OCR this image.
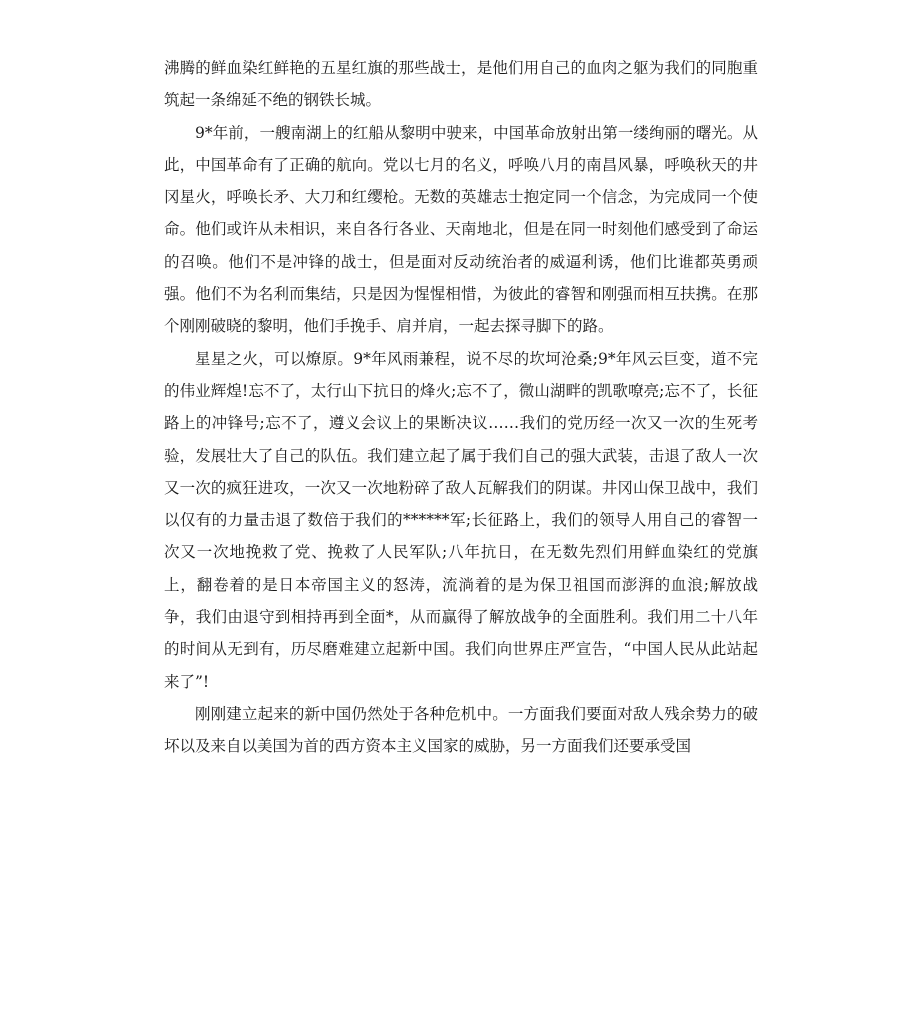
沸腾的鲜血染红鲜艳的五星红旗的那些战士，是他们用自己的血肉之躯为我们的同胞重筑起一条绵延不绝的钢铁长城。

9*年前，一艘南湖上的红船从黎明中驶来，中国革命放射出第一缕绚丽的曙光。从此，中国革命有了正确的航向。党以七月的名义，呼唤八月的南昌风暴，呼唤秋天的井冈星火，呼唤长矛、大刀和红缨枪。无数的英雄志士抱定同一个信念，为完成同一个使命。他们或许从未相识，来自各行各业、天南地北，但是在同一时刻他们感受到了命运的召唤。他们不是冲锋的战士，但是面对反动统治者的威逼利诱，他们比谁都英勇顽强。他们不为名利而集结，只是因为惺惺相惜，为彼此的睿智和刚强而相互扶携。在那个刚刚破晓的黎明，他们手挽手、肩并肩，一起去探寻脚下的路。

星星之火，可以燎原。9*年风雨兼程，说不尽的坎坷沧桑;9*年风云巨变，道不完的伟业辉煌!忘不了，太行山下抗日的烽火;忘不了，微山湖畔的凯歌嘹亮;忘不了，长征路上的冲锋号;忘不了，遵义会议上的果断决议……我们的党历经一次又一次的生死考验，发展壮大了自己的队伍。我们建立起了属于我们自己的强大武装，击退了敌人一次又一次的疯狂进攻，一次又一次地粉碎了敌人瓦解我们的阴谋。井冈山保卫战中，我们以仅有的力量击退了数倍于我们的******军;长征路上，我们的领导人用自己的睿智一次又一次地挽救了党、挽救了人民军队;八年抗日，在无数先烈们用鲜血染红的党旗上，翻卷着的是日本帝国主义的怒涛，流淌着的是为保卫祖国而澎湃的血浪;解放战争，我们由退守到相持再到全面*，从而赢得了解放战争的全面胜利。我们用二十八年的时间从无到有，历尽磨难建立起新中国。我们向世界庄严宣告，“中国人民从此站起来了”!

刚刚建立起来的新中国仍然处于各种危机中。一方面我们要面对敌人残余势力的破坏以及来自以美国为首的西方资本主义国家的威胁，另一方面我们还要承受国
